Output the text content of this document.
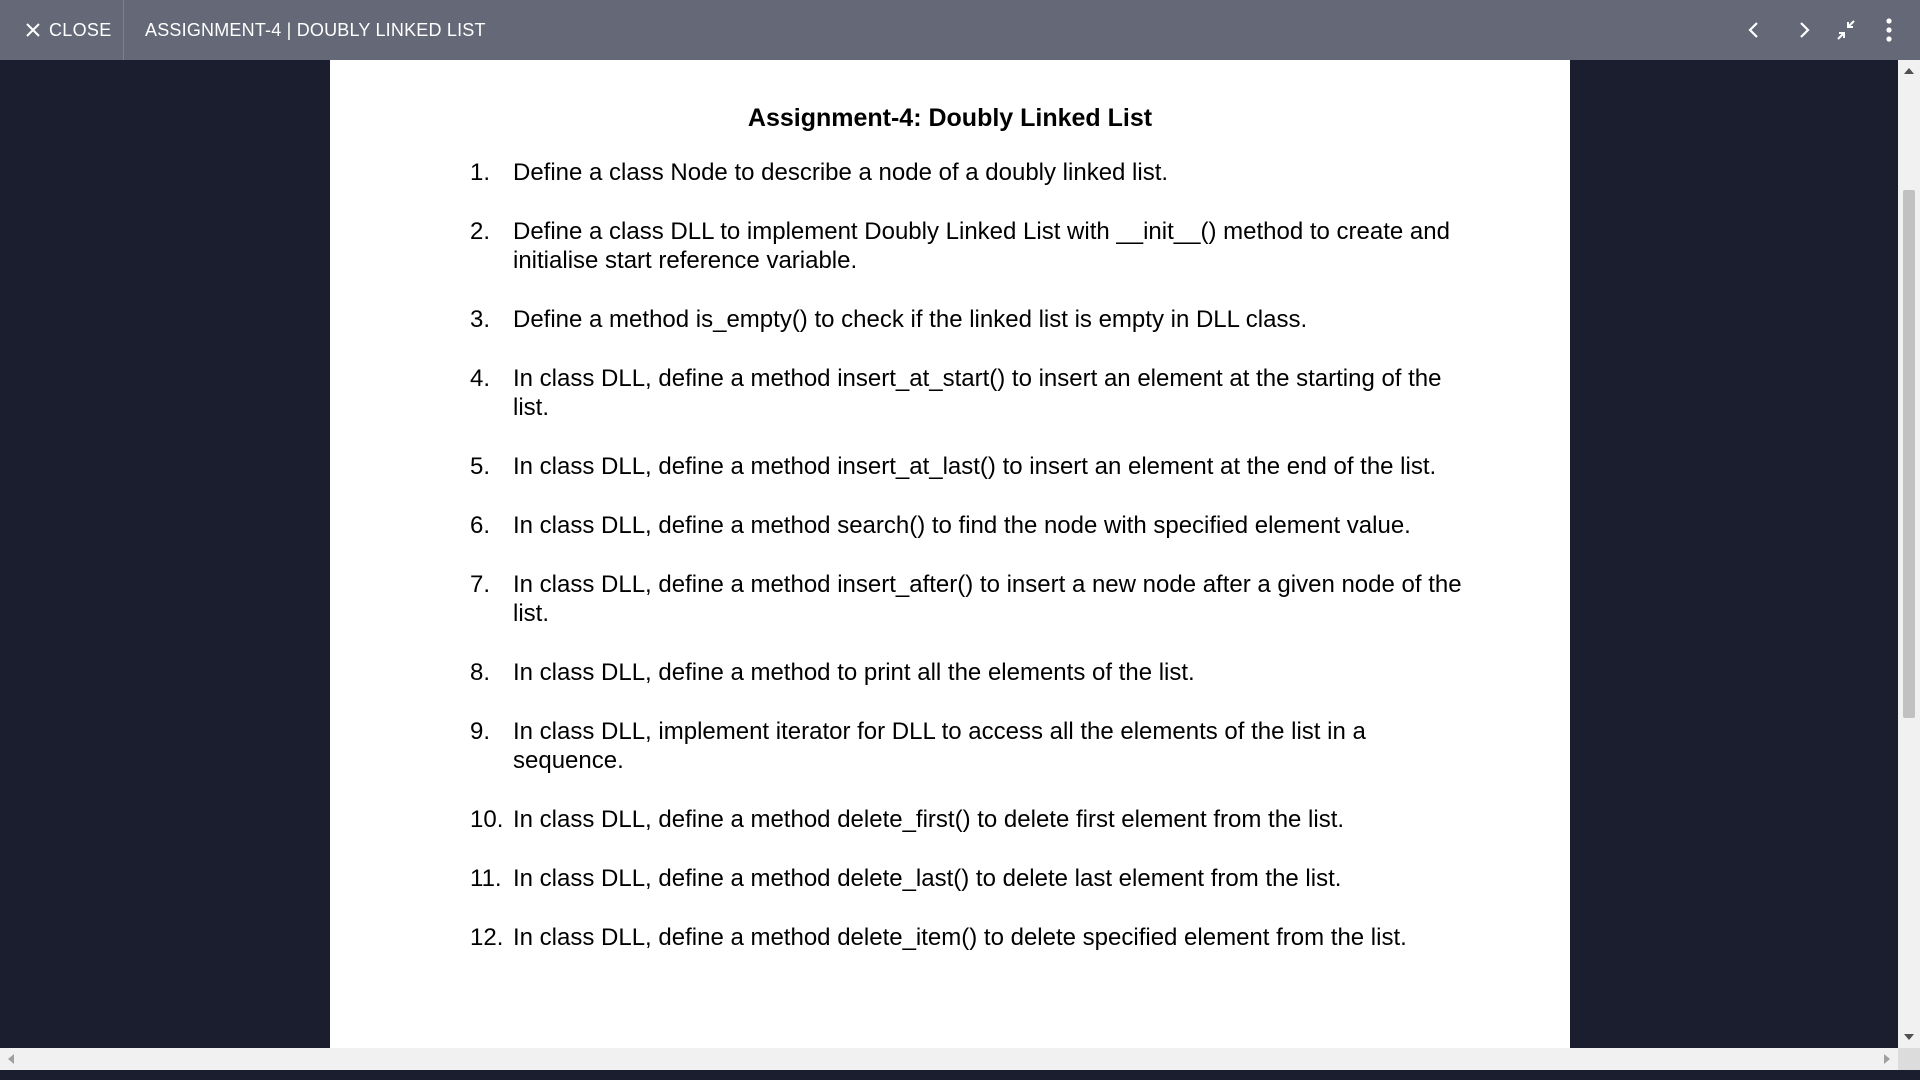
CLOSE ASSIGNMENT-4 | DOUBLY LINKED LIST
Assignment-4: Doubly Linked List
1. Define a class Node to describe a node of a doubly linked list.
2. Define a class DLL to implement Doubly Linked List with __init__() method to create and initialise start reference variable.
3. Define a method is_empty() to check if the linked list is empty in DLL class.
4. In class DLL, define a method insert_at_start() to insert an element at the starting of the list.
5. In class DLL, define a method insert_at_last() to insert an element at the end of the list.
6. In class DLL, define a method search() to find the node with specified element value.
7. In class DLL, define a method insert_after() to insert a new node after a given node of the list.
8. In class DLL, define a method to print all the elements of the list.
9. In class DLL, implement iterator for DLL to access all the elements of the list in a sequence.
10. In class DLL, define a method delete_first() to delete first element from the list.
11. In class DLL, define a method delete_last() to delete last element from the list.
12. In class DLL, define a method delete_item() to delete specified element from the list.
